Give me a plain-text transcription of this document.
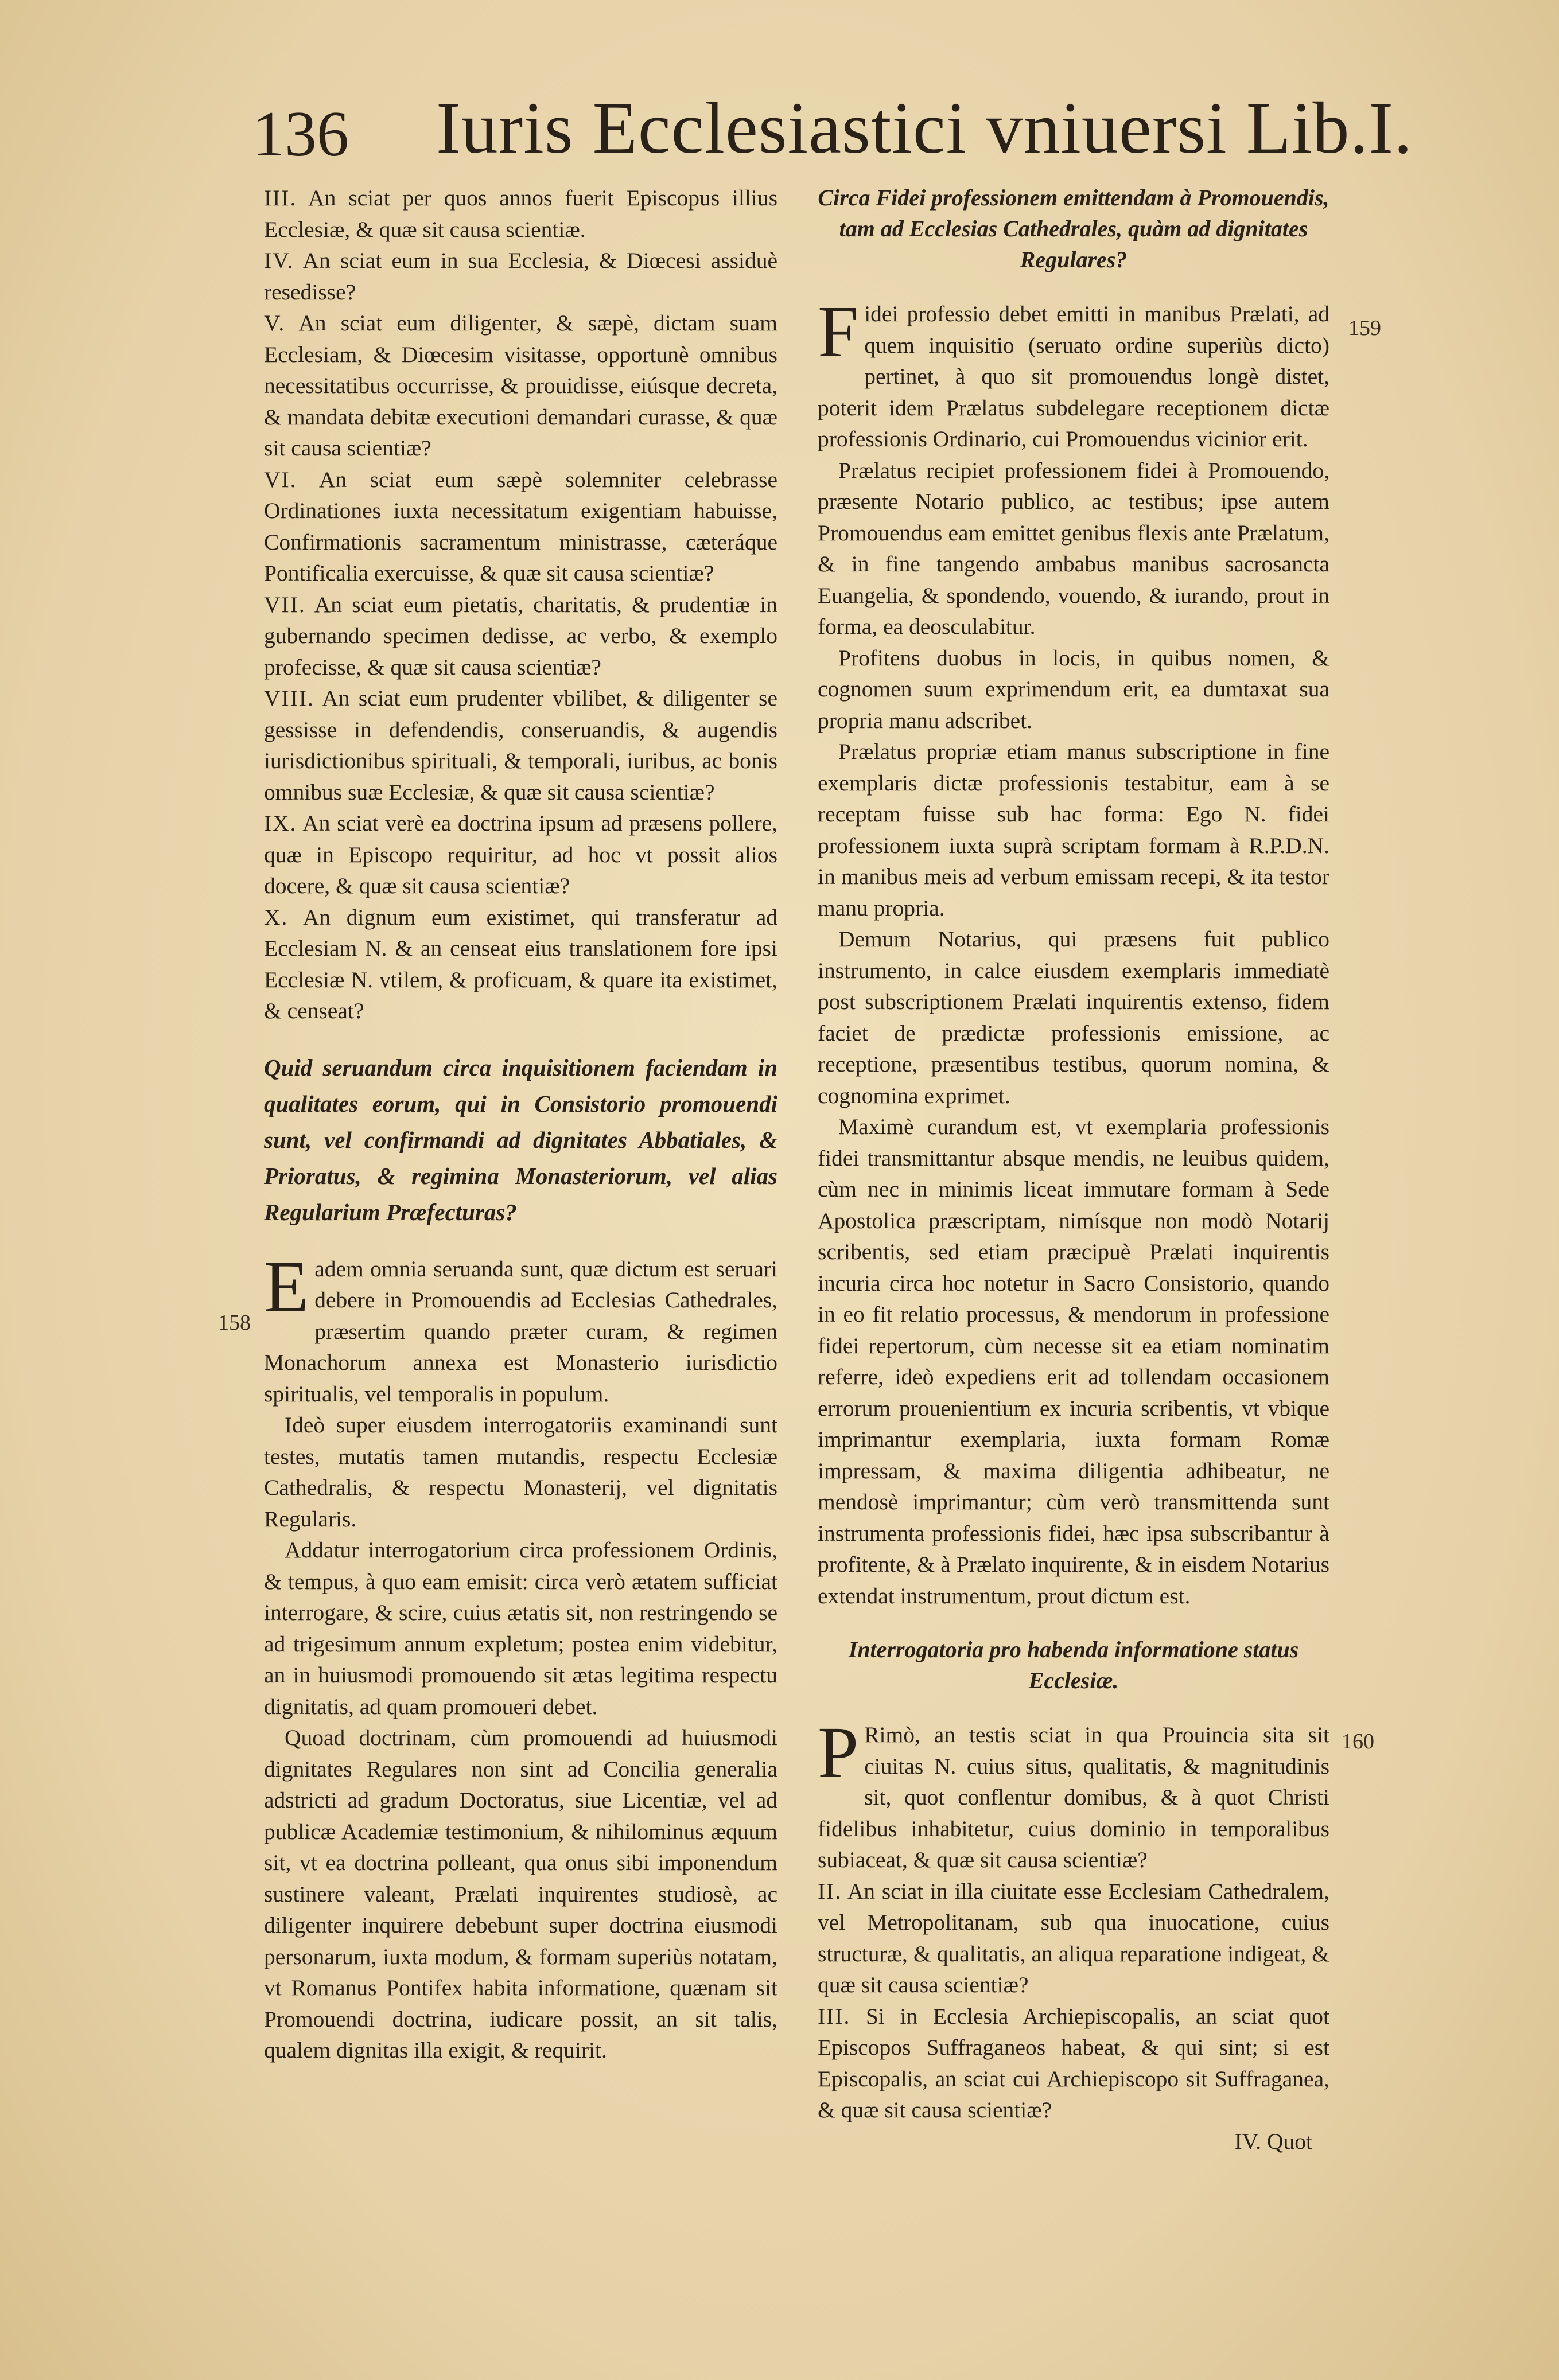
136 Iuris Ecclesiastici vniuersi Lib.I.
158
159
160

III. An sciat per quos annos fuerit Episcopus illius Ecclesiæ, & quæ sit causa scientiæ.

IV. An sciat eum in sua Ecclesia, & Diœcesi assiduè resedisse?

V. An sciat eum diligenter, & sæpè, dictam suam Ecclesiam, & Diœcesim visitasse, opportunè omnibus necessitatibus occurrisse, & prouidisse, eiúsque decreta, & mandata debitæ executioni demandari curasse, & quæ sit causa scientiæ?

VI. An sciat eum sæpè solemniter celebrasse Ordinationes iuxta necessitatum exigentiam habuisse, Confirmationis sacramentum ministrasse, cæteráque Pontificalia exercuisse, & quæ sit causa scientiæ?

VII. An sciat eum pietatis, charitatis, & prudentiæ in gubernando specimen dedisse, ac verbo, & exemplo profecisse, & quæ sit causa scientiæ?

VIII. An sciat eum prudenter vbilibet, & diligenter se gessisse in defendendis, conseruandis, & augendis iurisdictionibus spirituali, & temporali, iuribus, ac bonis omnibus suæ Ecclesiæ, & quæ sit causa scientiæ?

IX. An sciat verè ea doctrina ipsum ad præsens pollere, quæ in Episcopo requiritur, ad hoc vt possit alios docere, & quæ sit causa scientiæ?

X. An dignum eum existimet, qui transferatur ad Ecclesiam N. & an censeat eius translationem fore ipsi Ecclesiæ N. vtilem, & proficuam, & quare ita existimet, & censeat?

Quid seruandum circa inquisitionem faciendam in qualitates eorum, qui in Consistorio promouendi sunt, vel confirmandi ad dignitates Abbatiales, & Prioratus, & regimina Monasteriorum, vel alias Regularium Præfecturas?

Eadem omnia seruanda sunt, quæ dictum est seruari debere in Promouendis ad Ecclesias Cathedrales, præsertim quando præter curam, & regimen Monachorum annexa est Monasterio iurisdictio spiritualis, vel temporalis in populum.

Ideò super eiusdem interrogatoriis examinandi sunt testes, mutatis tamen mutandis, respectu Ecclesiæ Cathedralis, & respectu Monasterij, vel dignitatis Regularis.

Addatur interrogatorium circa professionem Ordinis, & tempus, à quo eam emisit: circa verò ætatem sufficiat interrogare, & scire, cuius ætatis sit, non restringendo se ad trigesimum annum expletum; postea enim videbitur, an in huiusmodi promouendo sit ætas legitima respectu dignitatis, ad quam promoueri debet.

Quoad doctrinam, cùm promouendi ad huiusmodi dignitates Regulares non sint ad Concilia generalia adstricti ad gradum Doctoratus, siue Licentiæ, vel ad publicæ Academiæ testimonium, & nihilominus æquum sit, vt ea doctrina polleant, qua onus sibi imponendum sustinere valeant, Prælati inquirentes studiosè, ac diligenter inquirere debebunt super doctrina eiusmodi personarum, iuxta modum, & formam superiùs notatam, vt Romanus Pontifex habita informatione, quænam sit Promouendi doctrina, iudicare possit, an sit talis, qualem dignitas illa exigit, & requirit.

Circa Fidei professionem emittendam à Promouendis, tam ad Ecclesias Cathedrales, quàm ad dignitates Regulares?

Fidei professio debet emitti in manibus Prælati, ad quem inquisitio (seruato ordine superiùs dicto) pertinet, à quo sit promouendus longè distet, poterit idem Prælatus subdelegare receptionem dictæ professionis Ordinario, cui Promouendus vicinior erit.

Prælatus recipiet professionem fidei à Promouendo, præsente Notario publico, ac testibus; ipse autem Promouendus eam emittet genibus flexis ante Prælatum, & in fine tangendo ambabus manibus sacrosancta Euangelia, & spondendo, vouendo, & iurando, prout in forma, ea deosculabitur.

Profitens duobus in locis, in quibus nomen, & cognomen suum exprimendum erit, ea dumtaxat sua propria manu adscribet.

Prælatus propriæ etiam manus subscriptione in fine exemplaris dictæ professionis testabitur, eam à se receptam fuisse sub hac forma: Ego N. fidei professionem iuxta suprà scriptam formam à R.P.D.N. in manibus meis ad verbum emissam recepi, & ita testor manu propria.

Demum Notarius, qui præsens fuit publico instrumento, in calce eiusdem exemplaris immediatè post subscriptionem Prælati inquirentis extenso, fidem faciet de prædictæ professionis emissione, ac receptione, præsentibus testibus, quorum nomina, & cognomina exprimet.

Maximè curandum est, vt exemplaria professionis fidei transmittantur absque mendis, ne leuibus quidem, cùm nec in minimis liceat immutare formam à Sede Apostolica præscriptam, nimísque non modò Notarij scribentis, sed etiam præcipuè Prælati inquirentis incuria circa hoc notetur in Sacro Consistorio, quando in eo fit relatio processus, & mendorum in professione fidei repertorum, cùm necesse sit ea etiam nominatim referre, ideò expediens erit ad tollendam occasionem errorum prouenientium ex incuria scribentis, vt vbique imprimantur exemplaria, iuxta formam Romæ impressam, & maxima diligentia adhibeatur, ne mendosè imprimantur; cùm verò transmittenda sunt instrumenta professionis fidei, hæc ipsa subscribantur à profitente, & à Prælato inquirente, & in eisdem Notarius extendat instrumentum, prout dictum est.

Interrogatoria pro habenda informatione status Ecclesiæ.

P Rimò, an testis sciat in qua Prouincia sita sit ciuitas N. cuius situs, qualitatis, & magnitudinis sit, quot conflentur domibus, & à quot Christi fidelibus inhabitetur, cuius dominio in temporalibus subiaceat, & quæ sit causa scientiæ?

II. An sciat in illa ciuitate esse Ecclesiam Cathedralem, vel Metropolitanam, sub qua inuocatione, cuius structuræ, & qualitatis, an aliqua reparatione indigeat, & quæ sit causa scientiæ?

III. Si in Ecclesia Archiepiscopalis, an sciat quot Episcopos Suffraganeos habeat, & qui sint; si est Episcopalis, an sciat cui Archiepiscopo sit Suffraganea, & quæ sit causa scientiæ?

IV. Quot
